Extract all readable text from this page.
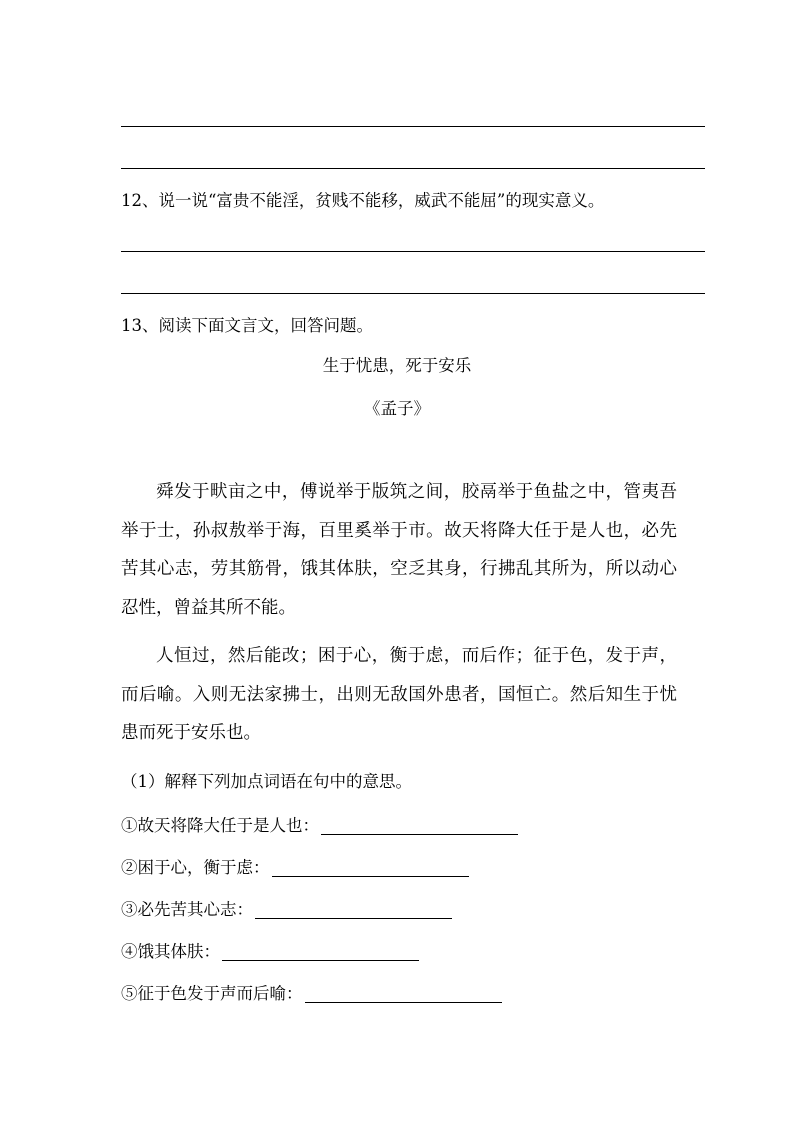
12、说一说“富贵不能淫，贫贱不能移，威武不能屈”的现实意义。
13、阅读下面文言文，回答问题。
生于忧患，死于安乐
《孟子》
舜发于畎亩之中，傅说举于版筑之间，胶鬲举于鱼盐之中，管夷吾举于士，孙叔敖举于海，百里奚举于市。故天将降大任于是人也，必先苦其心志，劳其筋骨，饿其体肤，空乏其身，行拂乱其所为，所以动心忍性，曾益其所不能。
人恒过，然后能改；困于心，衡于虑，而后作；征于色，发于声，而后喻。入则无法家拂士，出则无敌国外患者，国恒亡。然后知生于忧患而死于安乐也。
（1）解释下列加点词语在句中的意思。
①故天将降大任于是人也：
②困于心，衡于虑：
③必先苦其心志：
④饿其体肤：
⑤征于色发于声而后喻：
